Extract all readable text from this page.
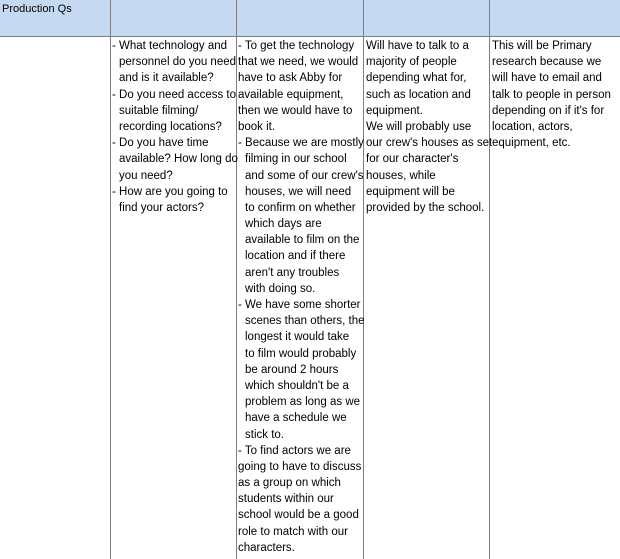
Production Qs
- What technology and
personnel do you need
and is it available?
- Do you need access to
suitable filming/
recording locations?
- Do you have time
available? How long do
you need?
- How are you going to
find your actors?
- To get the technology
that we need, we would
have to ask Abby for
available equipment,
then we would have to
book it.
- Because we are mostly
filming in our school
and some of our crew's
houses, we will need
to confirm on whether
which days are
available to film on the
location and if there
aren't any troubles
with doing so.
- We have some shorter
scenes than others, the
longest it would take
to film would probably
be around 2 hours
which shouldn't be a
problem as long as we
have a schedule we
stick to.
- To find actors we are
going to have to discuss
as a group on which
students within our
school would be a good
role to match with our
characters.
Will have to talk to a
majority of people
depending what for,
such as location and
equipment.
We will probably use
our crew's houses as set
for our character's
houses, while
equipment will be
provided by the school.
This will be Primary
research because we
will have to email and
talk to people in person
depending on if it's for
location, actors,
equipment, etc.
